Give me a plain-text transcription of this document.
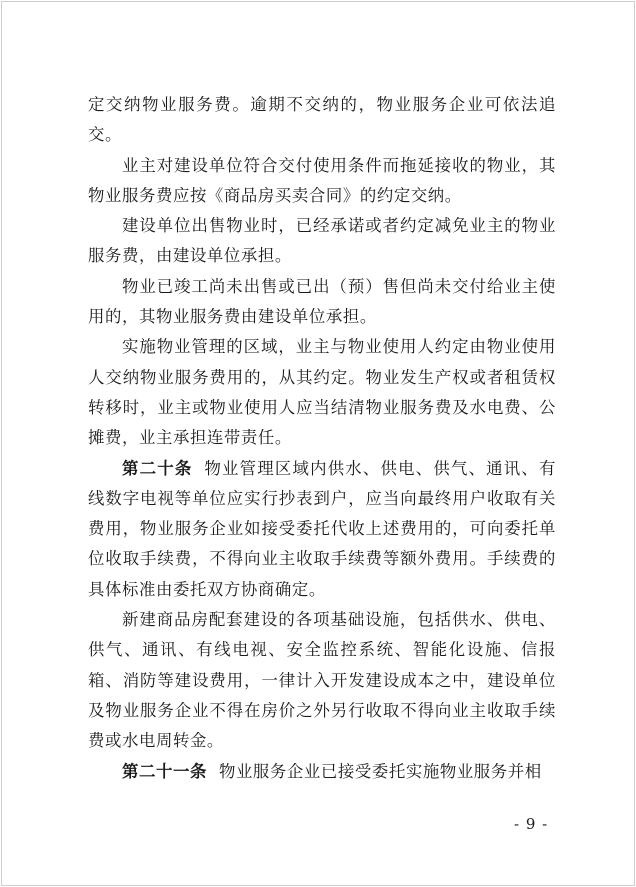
定交纳物业服务费。逾期不交纳的，物业服务企业可依法追交。

业主对建设单位符合交付使用条件而拖延接收的物业，其物业服务费应按《商品房买卖合同》的约定交纳。

建设单位出售物业时，已经承诺或者约定减免业主的物业服务费，由建设单位承担。

物业已竣工尚未出售或已出（预）售但尚未交付给业主使用的，其物业服务费由建设单位承担。

实施物业管理的区域，业主与物业使用人约定由物业使用人交纳物业服务费用的，从其约定。物业发生产权或者租赁权转移时，业主或物业使用人应当结清物业服务费及水电费、公摊费，业主承担连带责任。

第二十条 物业管理区域内供水、供电、供气、通讯、有线数字电视等单位应实行抄表到户，应当向最终用户收取有关费用，物业服务企业如接受委托代收上述费用的，可向委托单位收取手续费，不得向业主收取手续费等额外费用。手续费的具体标准由委托双方协商确定。

新建商品房配套建设的各项基础设施，包括供水、供电、供气、通讯、有线电视、安全监控系统、智能化设施、信报箱、消防等建设费用，一律计入开发建设成本之中，建设单位及物业服务企业不得在房价之外另行收取不得向业主收取手续费或水电周转金。

第二十一条 物业服务企业已接受委托实施物业服务并相

- 9 -
